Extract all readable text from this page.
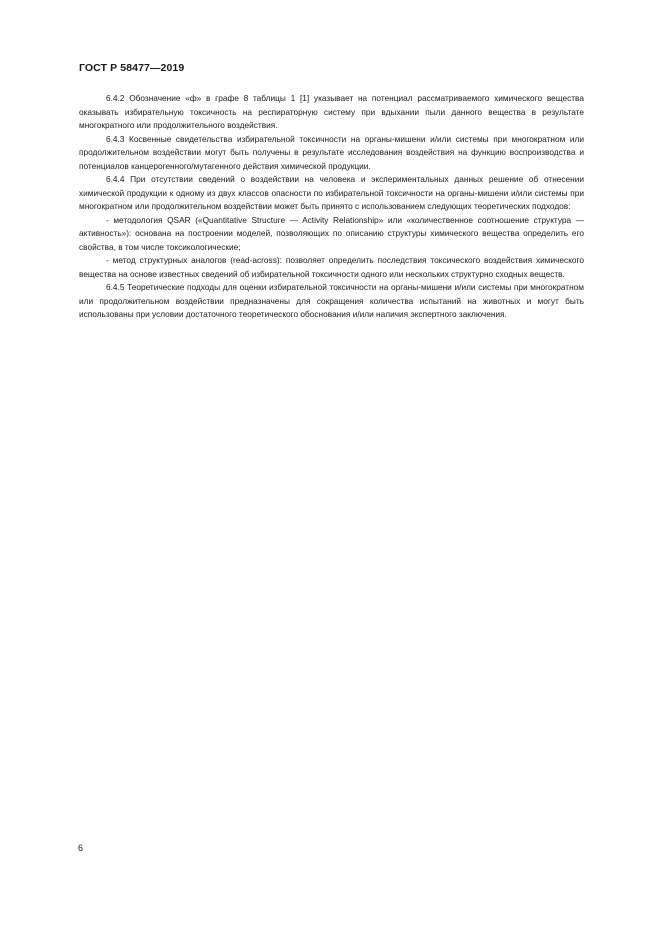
ГОСТ Р 58477—2019

6.4.2 Обозначение «ф» в графе 8 таблицы 1 [1] указывает на потенциал рассматриваемого химического вещества оказывать избирательную токсичность на респираторную систему при вдыхании пыли данного вещества в результате многократного или продолжительного воздействия.

6.4.3 Косвенные свидетельства избирательной токсичности на органы-мишени и/или системы при многократном или продолжительном воздействии могут быть получены в результате исследования воздействия на функцию воспроизводства и потенциалов канцерогенного/мутагенного действия химической продукции.

6.4.4 При отсутствии сведений о воздействии на человека и экспериментальных данных решение об отнесении химической продукции к одному из двух классов опасности по избирательной токсичности на органы-мишени и/или системы при многократном или продолжительном воздействии может быть принято с использованием следующих теоретических подходов:

- методология QSAR («Quantitative Structure — Activity Relationship» или «количественное соотношение структура — активность»): основана на построении моделей, позволяющих по описанию структуры химического вещества определить его свойства, в том числе токсикологические;

- метод структурных аналогов (read-across): позволяет определить последствия токсического воздействия химического вещества на основе известных сведений об избирательной токсичности одного или нескольких структурно сходных веществ.

6.4.5 Теоретические подходы для оценки избирательной токсичности на органы-мишени и/или системы при многократном или продолжительном воздействии предназначены для сокращения количества испытаний на животных и могут быть использованы при условии достаточного теоретического обоснования и/или наличия экспертного заключения.

6
